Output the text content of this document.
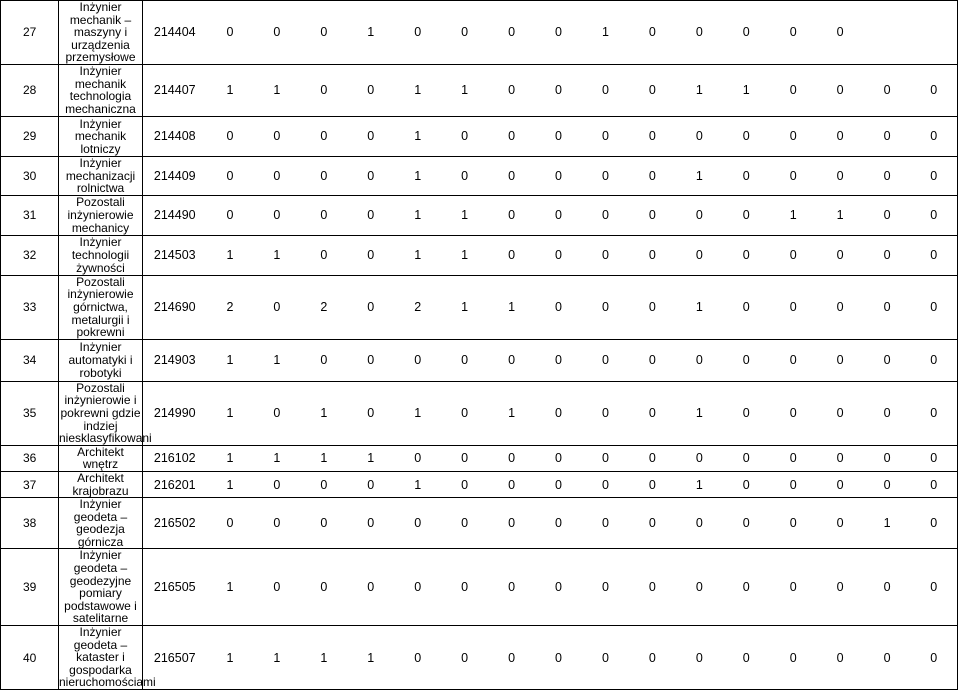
27	Inżynier mechanik – maszyny i urządzenia przemysłowe	214404	0	0	0	1	0	0	0	0	1	0	0	0	0	0		
28	Inżynier mechanik technologia mechaniczna	214407	1	1	0	0	1	1	0	0	0	0	1	1	0	0	0	0
29	Inżynier mechanik lotniczy	214408	0	0	0	0	1	0	0	0	0	0	0	0	0	0	0	0
30	Inżynier mechanizacji rolnictwa	214409	0	0	0	0	1	0	0	0	0	0	1	0	0	0	0	0
31	Pozostali inżynierowie mechanicy	214490	0	0	0	0	1	1	0	0	0	0	0	0	1	1	0	0
32	Inżynier technologii żywności	214503	1	1	0	0	1	1	0	0	0	0	0	0	0	0	0	0
33	Pozostali inżynierowie górnictwa, metalurgii i pokrewni	214690	2	0	2	0	2	1	1	0	0	0	1	0	0	0	0	0
34	Inżynier automatyki i robotyki	214903	1	1	0	0	0	0	0	0	0	0	0	0	0	0	0	0
35	Pozostali inżynierowie i pokrewni gdzie indziej niesklasyfikowani	214990	1	0	1	0	1	0	1	0	0	0	1	0	0	0	0	0
36	Architekt wnętrz	216102	1	1	1	1	0	0	0	0	0	0	0	0	0	0	0	0
37	Architekt krajobrazu	216201	1	0	0	0	1	0	0	0	0	0	1	0	0	0	0	0
38	Inżynier geodeta – geodezja górnicza	216502	0	0	0	0	0	0	0	0	0	0	0	0	0	0	1	0
39	Inżynier geodeta – geodezyjne pomiary podstawowe i satelitarne	216505	1	0	0	0	0	0	0	0	0	0	0	0	0	0	0	0
40	Inżynier geodeta – kataster i gospodarka nieruchomościami	216507	1	1	1	1	0	0	0	0	0	0	0	0	0	0	0	0
